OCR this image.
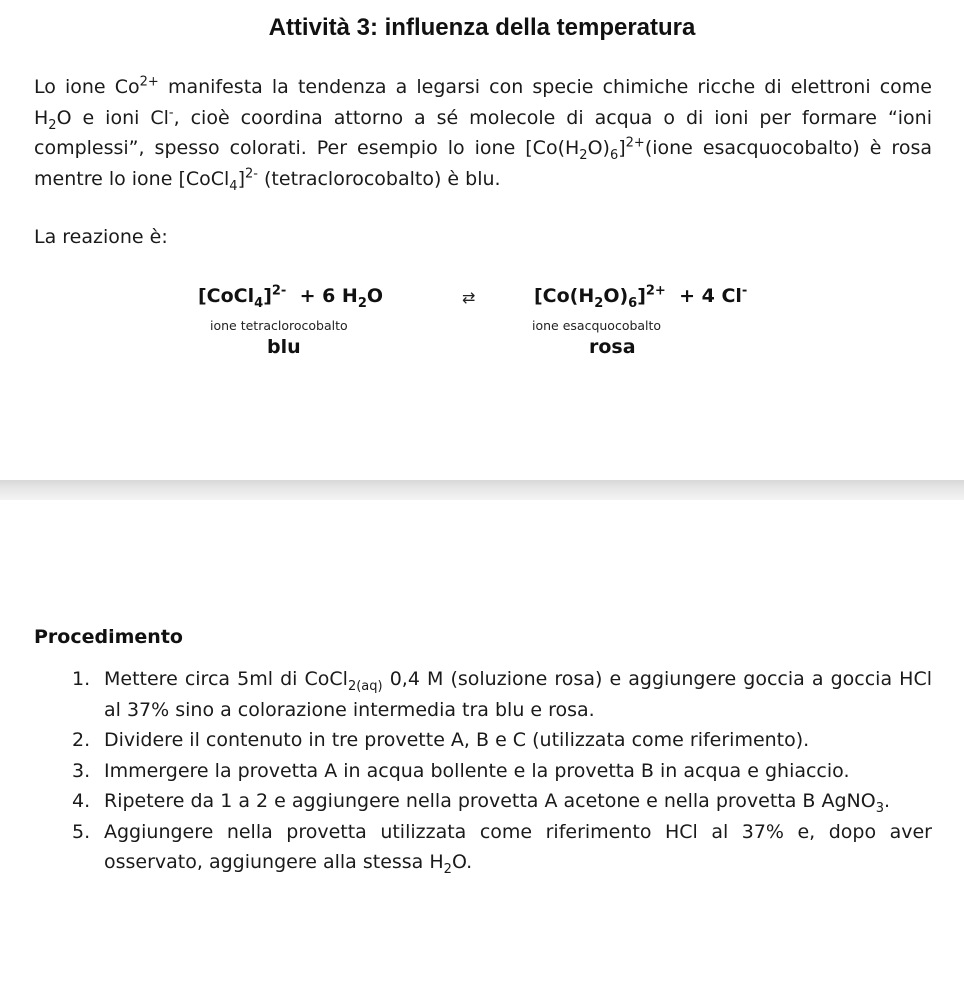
Attività 3: influenza della temperatura
Lo ione $Co^{2+}$ manifesta la tendenza a legarsi con specie chimiche ricche di elettroni come $H_2O$ e ioni Cl-, cioè coordina attorno a sé molecole di acqua o di ioni per formare “ioni complessi”, spesso colorati. Per esempio lo ione $[Co(H_2O)_6]^{2+}(ione$ esacquocobalto) è rosa mentre lo ione [CoCl$_4$]$^{2-}$ (tetraclorocobalto) è blu.
La reazione è:
[CoCl$_4$]$^{2-}$ + 6 $H_2O$	⇄	$[Co(H_2O)_6]^{2+} + 4$ Cl-
ione tetraclorocobalto	ione esacquocobalto
blu	rosa
Procedimento
1. Mettere circa 5ml di CoCl$_{2(aq)}$ 0,4 M (soluzione rosa) e aggiungere goccia a goccia HCl al 37% sino a colorazione intermedia tra blu e rosa.
2. Dividere il contenuto in tre provette A, B e C (utilizzata come riferimento).
3. Immergere la provetta A in acqua bollente e la provetta B in acqua e ghiaccio.
4. Ripetere da 1 a 2 e aggiungere nella provetta A acetone e nella provetta B AgNO$_3$.
5. Aggiungere nella provetta utilizzata come riferimento HCl al 37% e, dopo aver osservato, aggiungere alla stessa $H_2O$.
